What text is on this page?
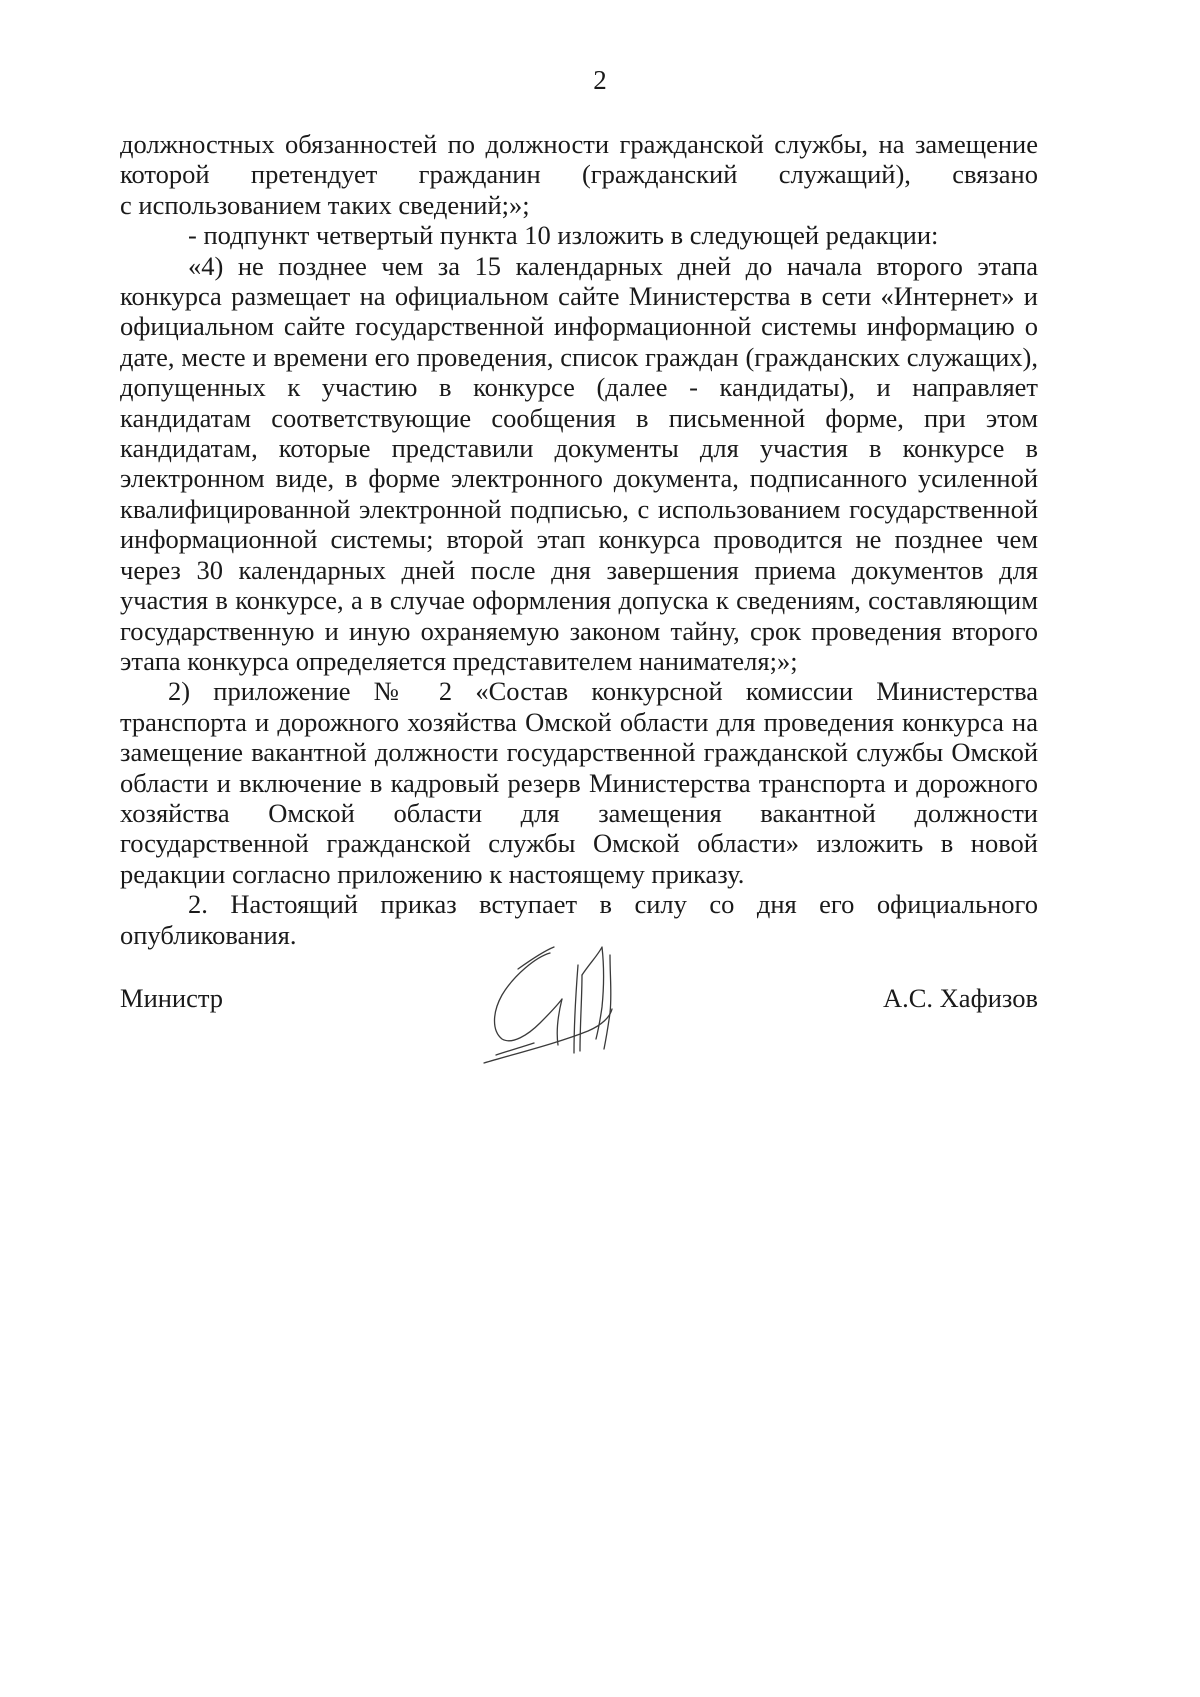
2

должностных обязанностей по должности гражданской службы, на замещение которой претендует гражданин (гражданский служащий), связано

с использованием таких сведений;»;

- подпункт четвертый пункта 10 изложить в следующей редакции:

«4) не позднее чем за 15 календарных дней до начала второго этапа конкурса размещает на официальном сайте Министерства в сети «Интернет» и официальном сайте государственной информационной системы информацию о дате, месте и времени его проведения, список граждан (гражданских служащих), допущенных к участию в конкурсе (далее - кандидаты), и направляет кандидатам соответствующие сообщения в письменной форме, при этом кандидатам, которые представили документы для участия в конкурсе в электронном виде, в форме электронного документа, подписанного усиленной квалифицированной электронной подписью, с использованием государственной информационной системы; второй этап конкурса проводится не позднее чем через 30 календарных дней после дня завершения приема документов для участия в конкурсе, а в случае оформления допуска к сведениям, составляющим государственную и иную охраняемую законом тайну, срок проведения второго этапа конкурса определяется представителем нанимателя;»;

2) приложение № 2 «Состав конкурсной комиссии Министерства транспорта и дорожного хозяйства Омской области для проведения конкурса на замещение вакантной должности государственной гражданской службы Омской области и включение в кадровый резерв Министерства транспорта и дорожного хозяйства Омской области для замещения вакантной должности государственной гражданской службы Омской области» изложить в новой редакции согласно приложению к настоящему приказу.

2. Настоящий приказ вступает в силу со дня его официального опубликования.

Министр	А.С. Хафизов
